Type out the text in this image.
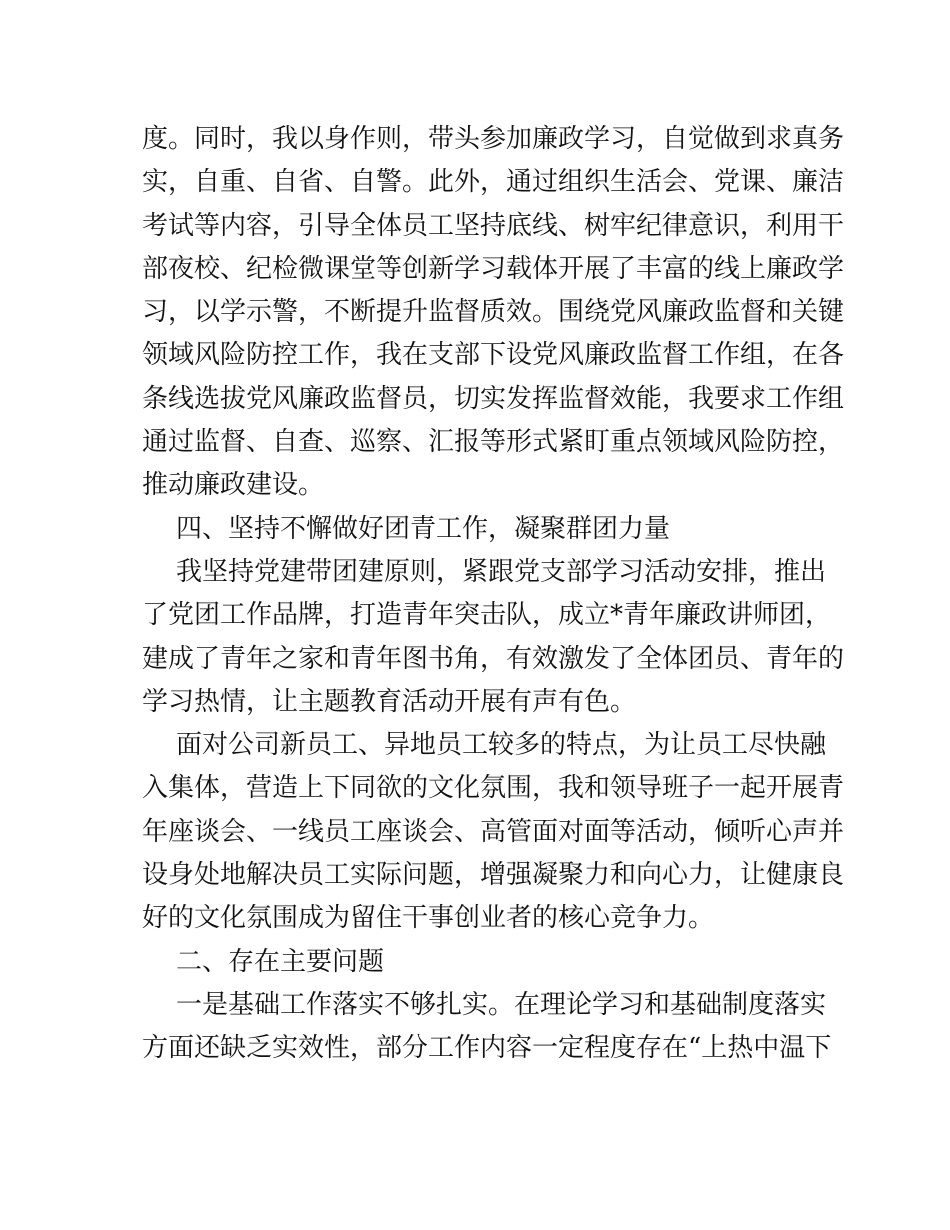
度。同时，我以身作则，带头参加廉政学习，自觉做到求真务
实，自重、自省、自警。此外，通过组织生活会、党课、廉洁
考试等内容，引导全体员工坚持底线、树牢纪律意识，利用干
部夜校、纪检微课堂等创新学习载体开展了丰富的线上廉政学
习，以学示警，不断提升监督质效。围绕党风廉政监督和关键
领域风险防控工作，我在支部下设党风廉政监督工作组，在各
条线选拔党风廉政监督员，切实发挥监督效能，我要求工作组
通过监督、自查、巡察、汇报等形式紧盯重点领域风险防控，
推动廉政建设。
四、坚持不懈做好团青工作，凝聚群团力量
我坚持党建带团建原则，紧跟党支部学习活动安排，推出
了党团工作品牌，打造青年突击队，成立*青年廉政讲师团，
建成了青年之家和青年图书角，有效激发了全体团员、青年的
学习热情，让主题教育活动开展有声有色。
面对公司新员工、异地员工较多的特点，为让员工尽快融
入集体，营造上下同欲的文化氛围，我和领导班子一起开展青
年座谈会、一线员工座谈会、高管面对面等活动，倾听心声并
设身处地解决员工实际问题，增强凝聚力和向心力，让健康良
好的文化氛围成为留住干事创业者的核心竞争力。
二、存在主要问题
一是基础工作落实不够扎实。在理论学习和基础制度落实
方面还缺乏实效性，部分工作内容一定程度存在“上热中温下
